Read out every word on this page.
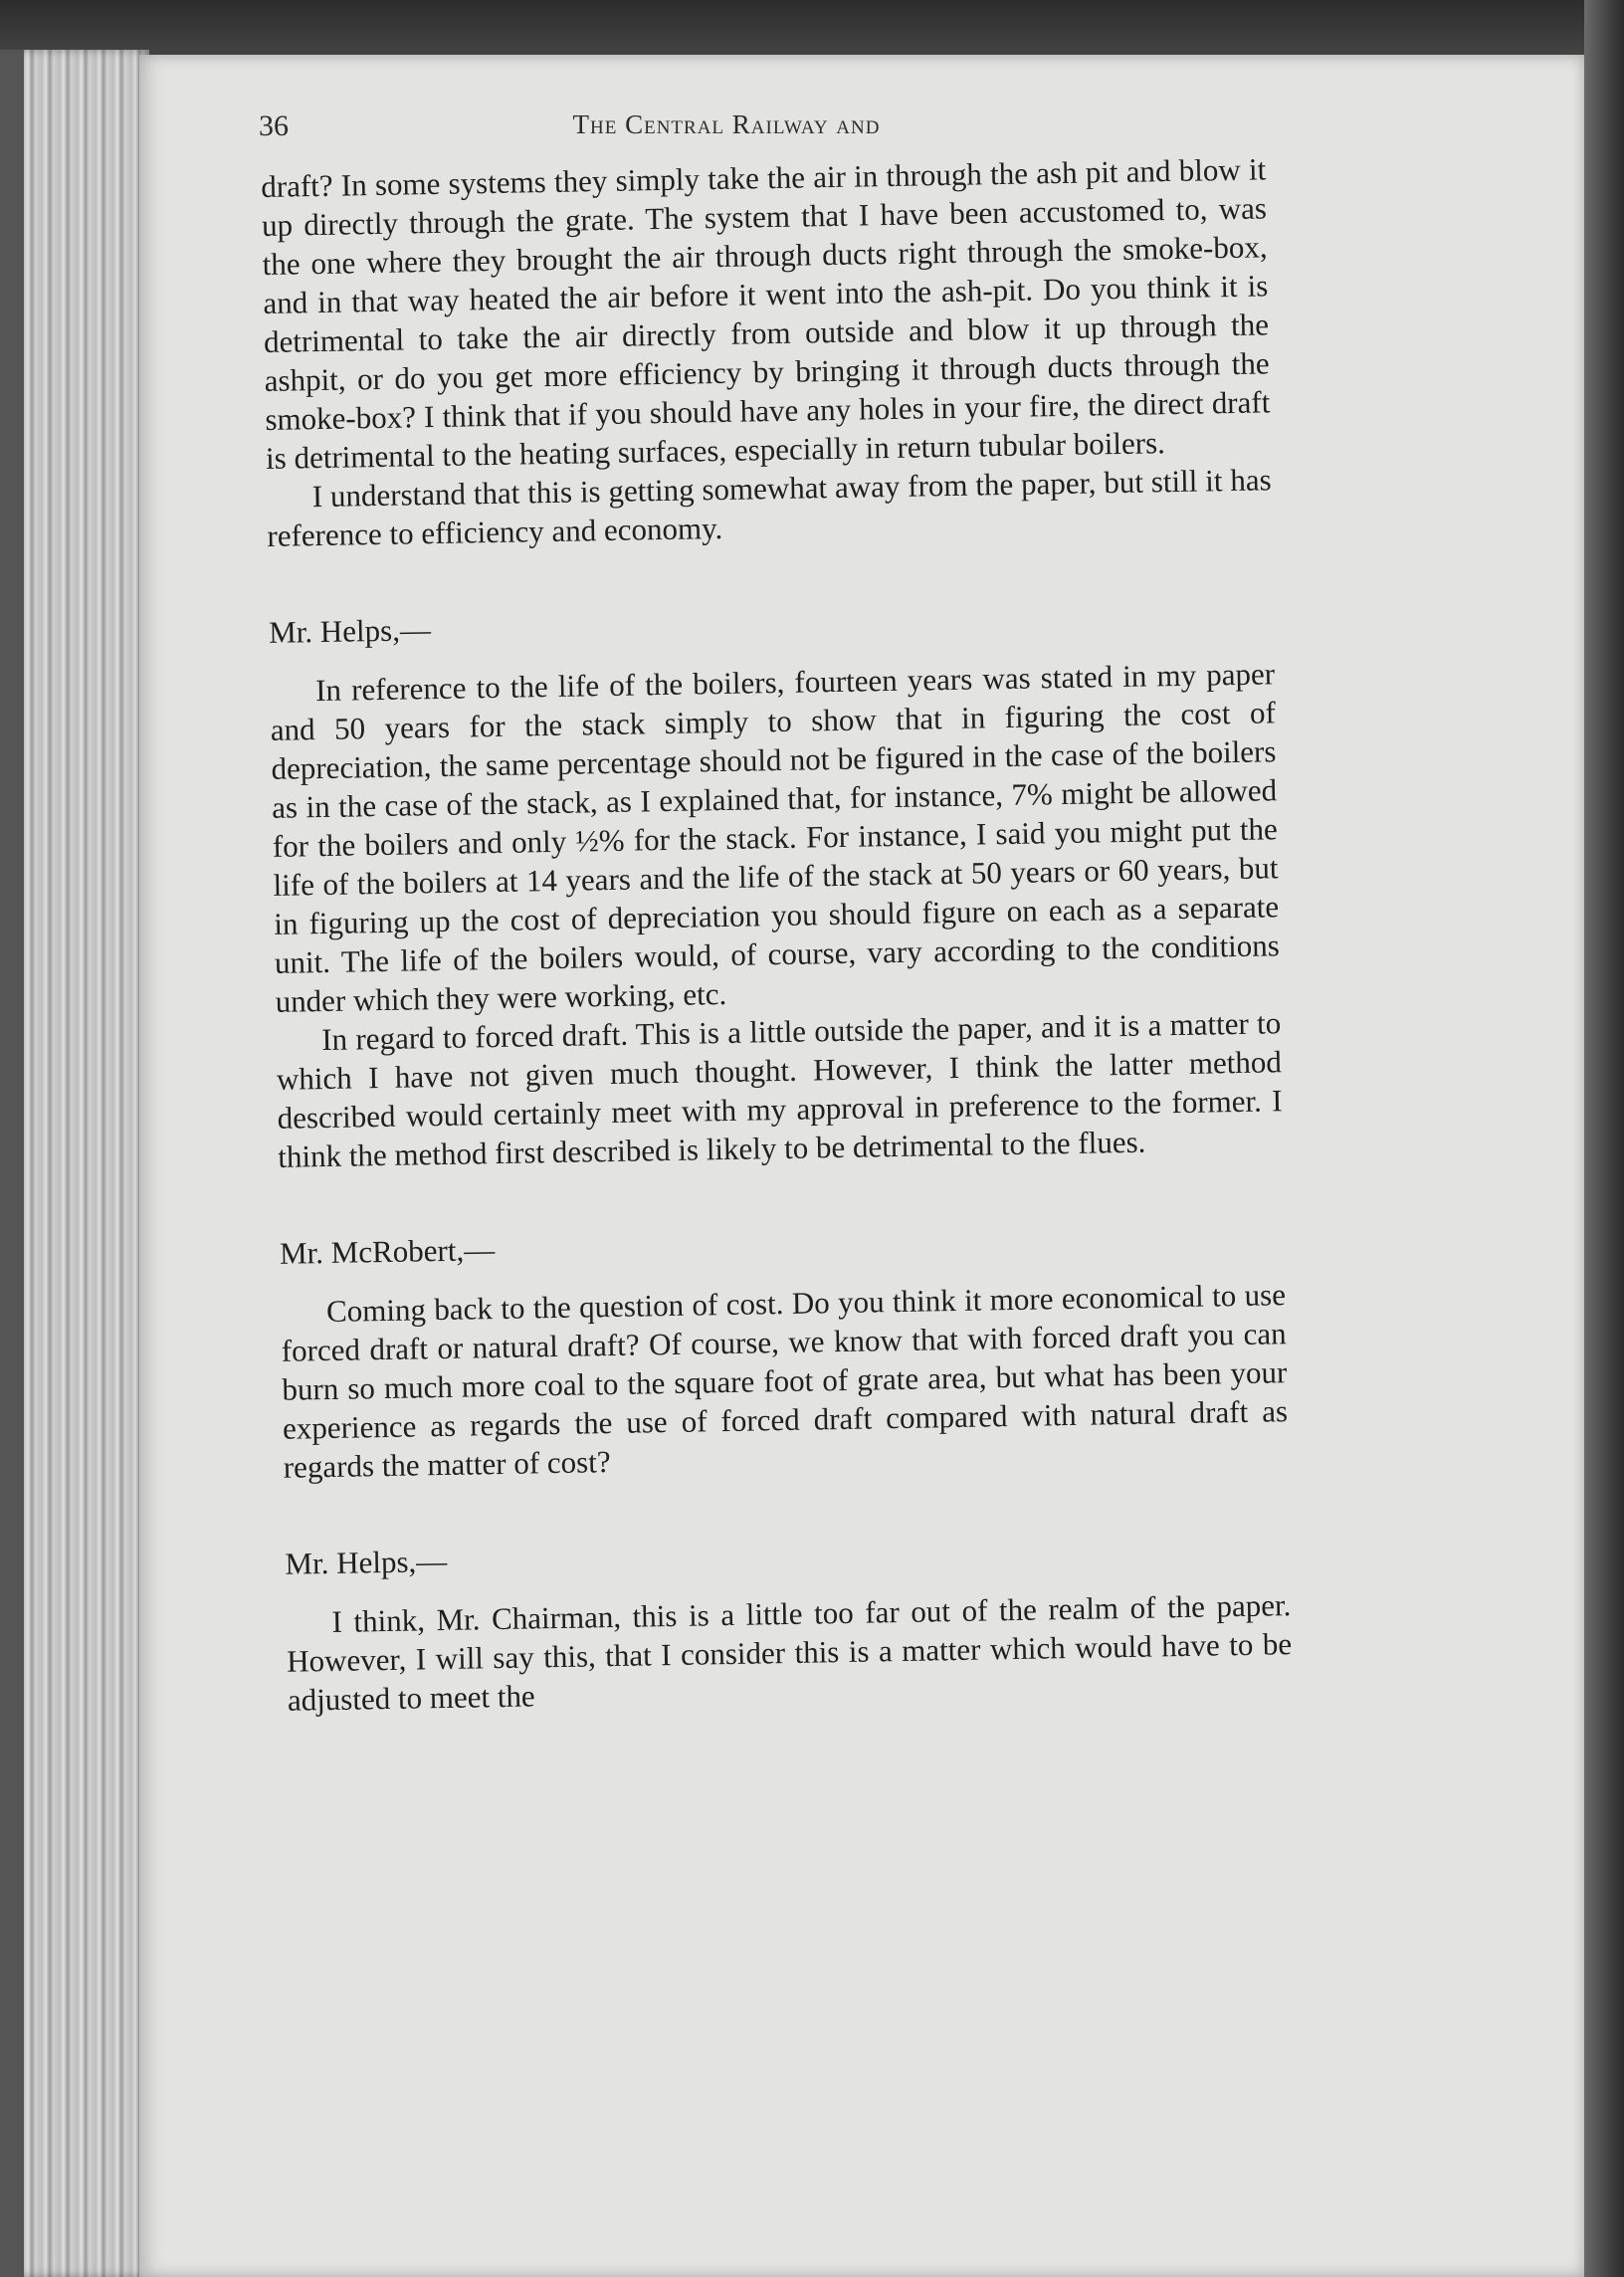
36	The Central Railway and

draft? In some systems they simply take the air in through the ash pit and blow it up directly through the grate. The system that I have been accustomed to, was the one where they brought the air through ducts right through the smoke-box, and in that way heated the air before it went into the ash-pit. Do you think it is detrimental to take the air directly from outside and blow it up through the ashpit, or do you get more efficiency by bringing it through ducts through the smoke-box? I think that if you should have any holes in your fire, the direct draft is detrimental to the heating surfaces, especially in return tubular boilers.

I understand that this is getting somewhat away from the paper, but still it has reference to efficiency and economy.

Mr. Helps,—

In reference to the life of the boilers, fourteen years was stated in my paper and 50 years for the stack simply to show that in figuring the cost of depreciation, the same percentage should not be figured in the case of the boilers as in the case of the stack, as I explained that, for instance, 7% might be allowed for the boilers and only ½% for the stack. For instance, I said you might put the life of the boilers at 14 years and the life of the stack at 50 years or 60 years, but in figuring up the cost of depreciation you should figure on each as a separate unit. The life of the boilers would, of course, vary according to the conditions under which they were working, etc.

In regard to forced draft. This is a little outside the paper, and it is a matter to which I have not given much thought. However, I think the latter method described would certainly meet with my approval in preference to the former. I think the method first described is likely to be detrimental to the flues.

Mr. McRobert,—

Coming back to the question of cost. Do you think it more economical to use forced draft or natural draft? Of course, we know that with forced draft you can burn so much more coal to the square foot of grate area, but what has been your experience as regards the use of forced draft compared with natural draft as regards the matter of cost?

Mr. Helps,—

I think, Mr. Chairman, this is a little too far out of the realm of the paper. However, I will say this, that I consider this is a matter which would have to be adjusted to meet the
